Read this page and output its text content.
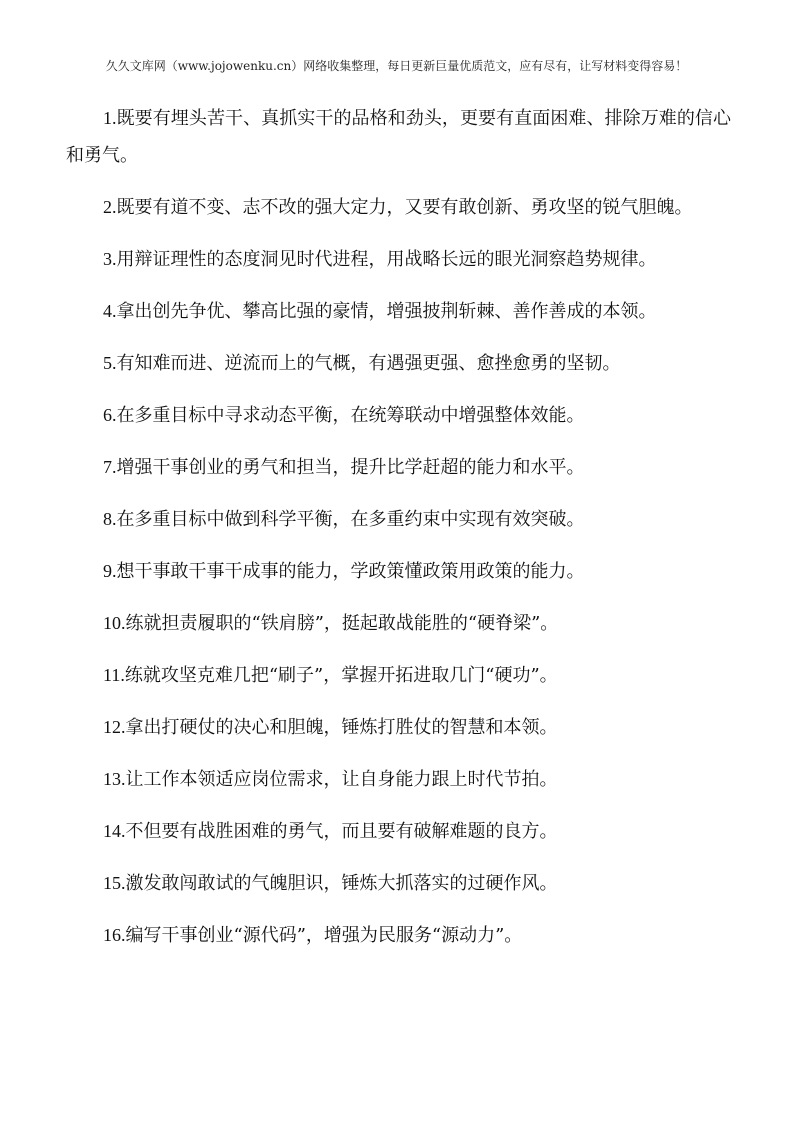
久久文库网（www.jojowenku.cn）网络收集整理，每日更新巨量优质范文，应有尽有，让写材料变得容易！

1.既要有埋头苦干、真抓实干的品格和劲头，更要有直面困难、排除万难的信心和勇气。

2.既要有道不变、志不改的强大定力，又要有敢创新、勇攻坚的锐气胆魄。

3.用辩证理性的态度洞见时代进程，用战略长远的眼光洞察趋势规律。

4.拿出创先争优、攀高比强的豪情，增强披荆斩棘、善作善成的本领。

5.有知难而进、逆流而上的气概，有遇强更强、愈挫愈勇的坚韧。

6.在多重目标中寻求动态平衡，在统筹联动中增强整体效能。

7.增强干事创业的勇气和担当，提升比学赶超的能力和水平。

8.在多重目标中做到科学平衡，在多重约束中实现有效突破。

9.想干事敢干事干成事的能力，学政策懂政策用政策的能力。

10.练就担责履职的“铁肩膀”，挺起敢战能胜的“硬脊梁”。

11.练就攻坚克难几把“刷子”，掌握开拓进取几门“硬功”。

12.拿出打硬仗的决心和胆魄，锤炼打胜仗的智慧和本领。

13.让工作本领适应岗位需求，让自身能力跟上时代节拍。

14.不但要有战胜困难的勇气，而且要有破解难题的良方。

15.激发敢闯敢试的气魄胆识，锤炼大抓落实的过硬作风。

16.编写干事创业“源代码”，增强为民服务“源动力”。
